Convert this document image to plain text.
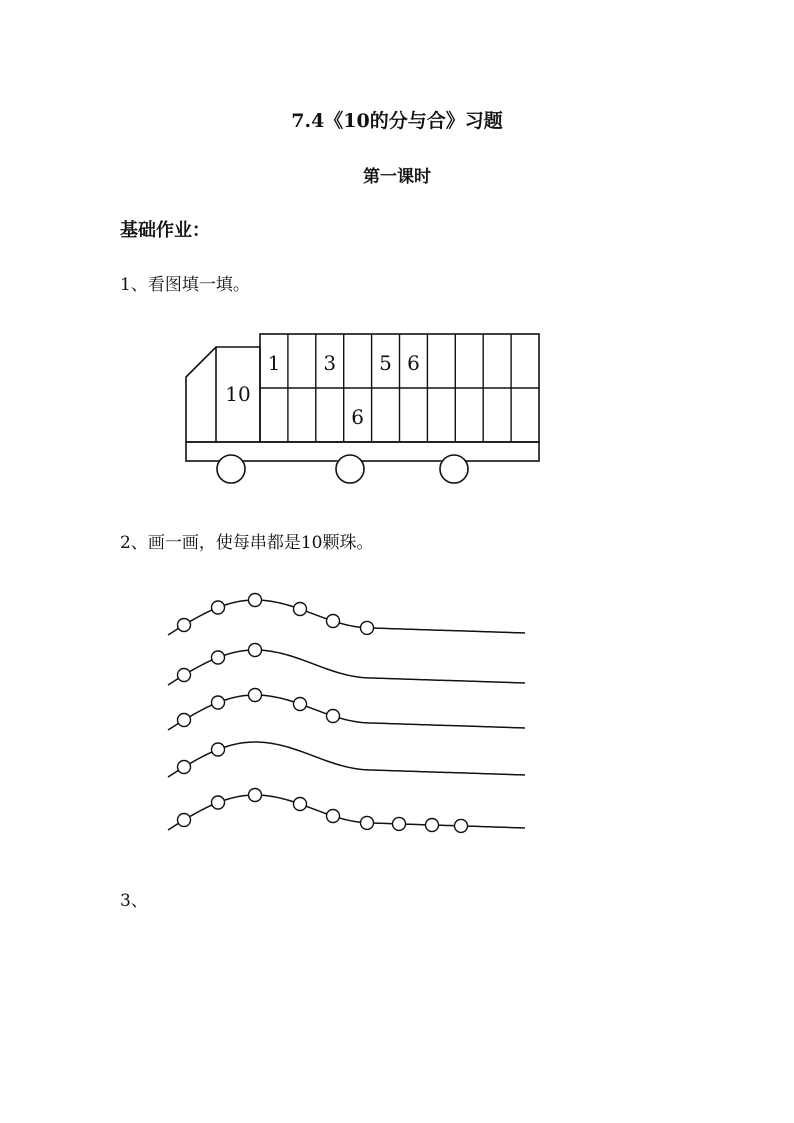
7.4《10的分与合》习题
第一课时
基础作业：
1、看图填一填。
2、画一画，使每串都是10颗珠。
3、
10
1 3 5 6
6
